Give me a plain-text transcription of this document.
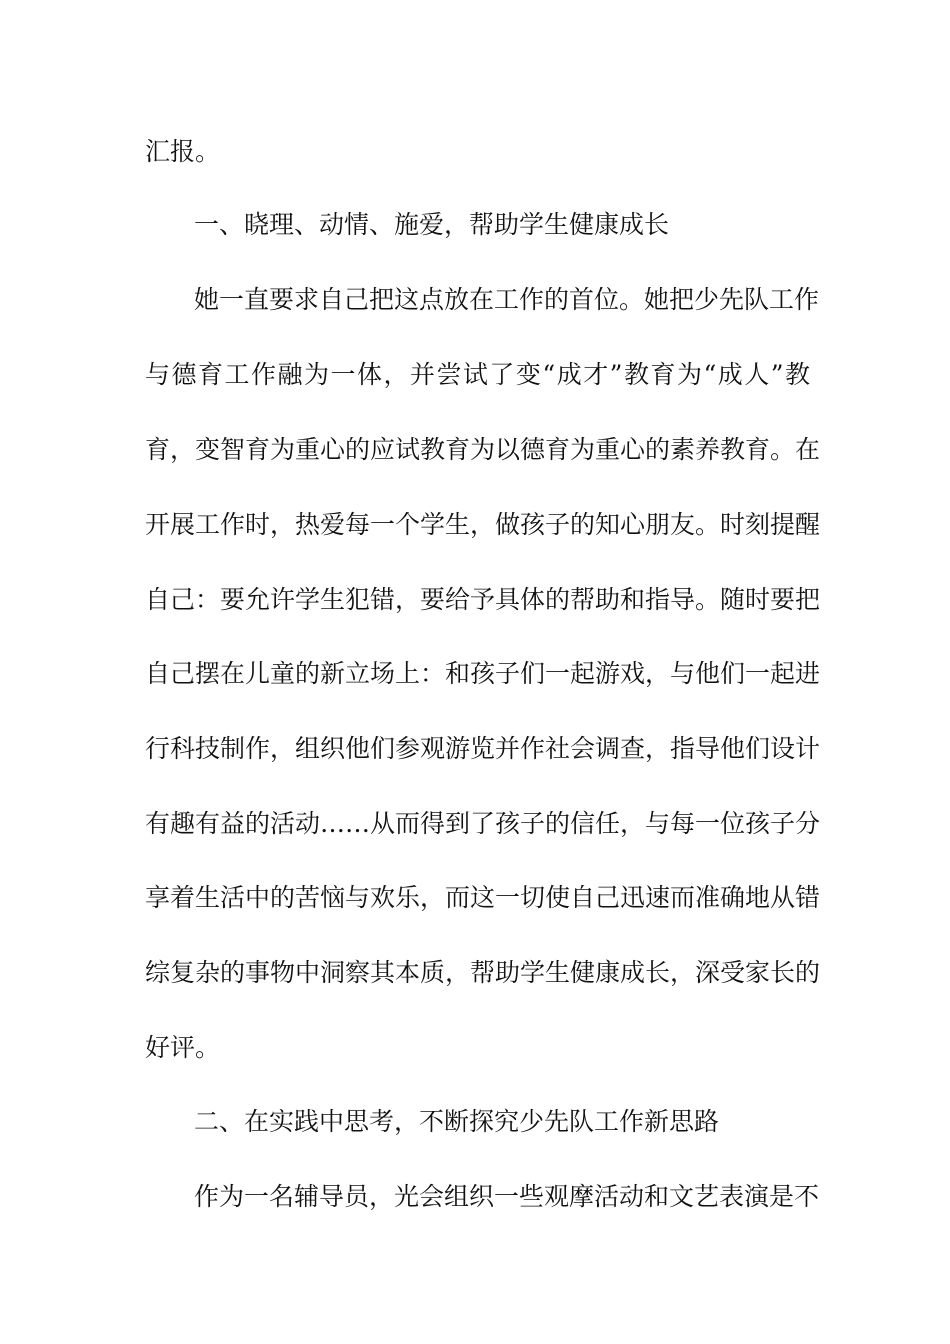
汇报。
一、晓理、动情、施爱，帮助学生健康成长
她一直要求自己把这点放在工作的首位。她把少先队工作
与德育工作融为一体，并尝试了变“成才”教育为“成人”教
育，变智育为重心的应试教育为以德育为重心的素养教育。在
开展工作时，热爱每一个学生，做孩子的知心朋友。时刻提醒
自己：要允许学生犯错，要给予具体的帮助和指导。随时要把
自己摆在儿童的新立场上：和孩子们一起游戏，与他们一起进
行科技制作，组织他们参观游览并作社会调查，指导他们设计
有趣有益的活动……从而得到了孩子的信任，与每一位孩子分
享着生活中的苦恼与欢乐，而这一切使自己迅速而准确地从错
综复杂的事物中洞察其本质，帮助学生健康成长，深受家长的
好评。
二、在实践中思考，不断探究少先队工作新思路
作为一名辅导员，光会组织一些观摩活动和文艺表演是不
